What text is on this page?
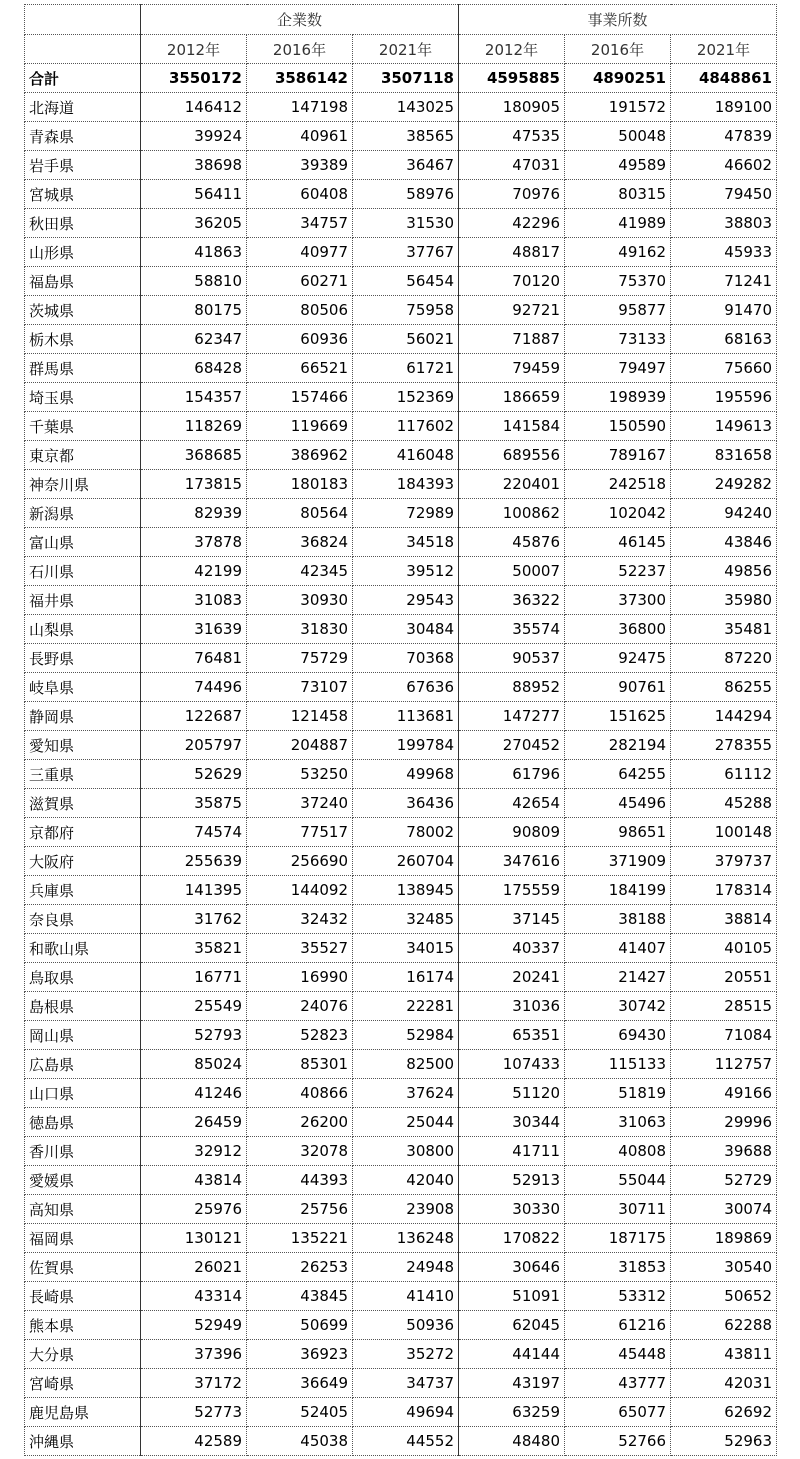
	企業数			事業所数		
	2012年	2016年	2021年	2012年	2016年	2021年
合計	3550172	3586142	3507118	4595885	4890251	4848861
北海道	146412	147198	143025	180905	191572	189100
青森県	39924	40961	38565	47535	50048	47839
岩手県	38698	39389	36467	47031	49589	46602
宮城県	56411	60408	58976	70976	80315	79450
秋田県	36205	34757	31530	42296	41989	38803
山形県	41863	40977	37767	48817	49162	45933
福島県	58810	60271	56454	70120	75370	71241
茨城県	80175	80506	75958	92721	95877	91470
栃木県	62347	60936	56021	71887	73133	68163
群馬県	68428	66521	61721	79459	79497	75660
埼玉県	154357	157466	152369	186659	198939	195596
千葉県	118269	119669	117602	141584	150590	149613
東京都	368685	386962	416048	689556	789167	831658
神奈川県	173815	180183	184393	220401	242518	249282
新潟県	82939	80564	72989	100862	102042	94240
富山県	37878	36824	34518	45876	46145	43846
石川県	42199	42345	39512	50007	52237	49856
福井県	31083	30930	29543	36322	37300	35980
山梨県	31639	31830	30484	35574	36800	35481
長野県	76481	75729	70368	90537	92475	87220
岐阜県	74496	73107	67636	88952	90761	86255
静岡県	122687	121458	113681	147277	151625	144294
愛知県	205797	204887	199784	270452	282194	278355
三重県	52629	53250	49968	61796	64255	61112
滋賀県	35875	37240	36436	42654	45496	45288
京都府	74574	77517	78002	90809	98651	100148
大阪府	255639	256690	260704	347616	371909	379737
兵庫県	141395	144092	138945	175559	184199	178314
奈良県	31762	32432	32485	37145	38188	38814
和歌山県	35821	35527	34015	40337	41407	40105
鳥取県	16771	16990	16174	20241	21427	20551
島根県	25549	24076	22281	31036	30742	28515
岡山県	52793	52823	52984	65351	69430	71084
広島県	85024	85301	82500	107433	115133	112757
山口県	41246	40866	37624	51120	51819	49166
徳島県	26459	26200	25044	30344	31063	29996
香川県	32912	32078	30800	41711	40808	39688
愛媛県	43814	44393	42040	52913	55044	52729
高知県	25976	25756	23908	30330	30711	30074
福岡県	130121	135221	136248	170822	187175	189869
佐賀県	26021	26253	24948	30646	31853	30540
長崎県	43314	43845	41410	51091	53312	50652
熊本県	52949	50699	50936	62045	61216	62288
大分県	37396	36923	35272	44144	45448	43811
宮崎県	37172	36649	34737	43197	43777	42031
鹿児島県	52773	52405	49694	63259	65077	62692
沖縄県	42589	45038	44552	48480	52766	52963
